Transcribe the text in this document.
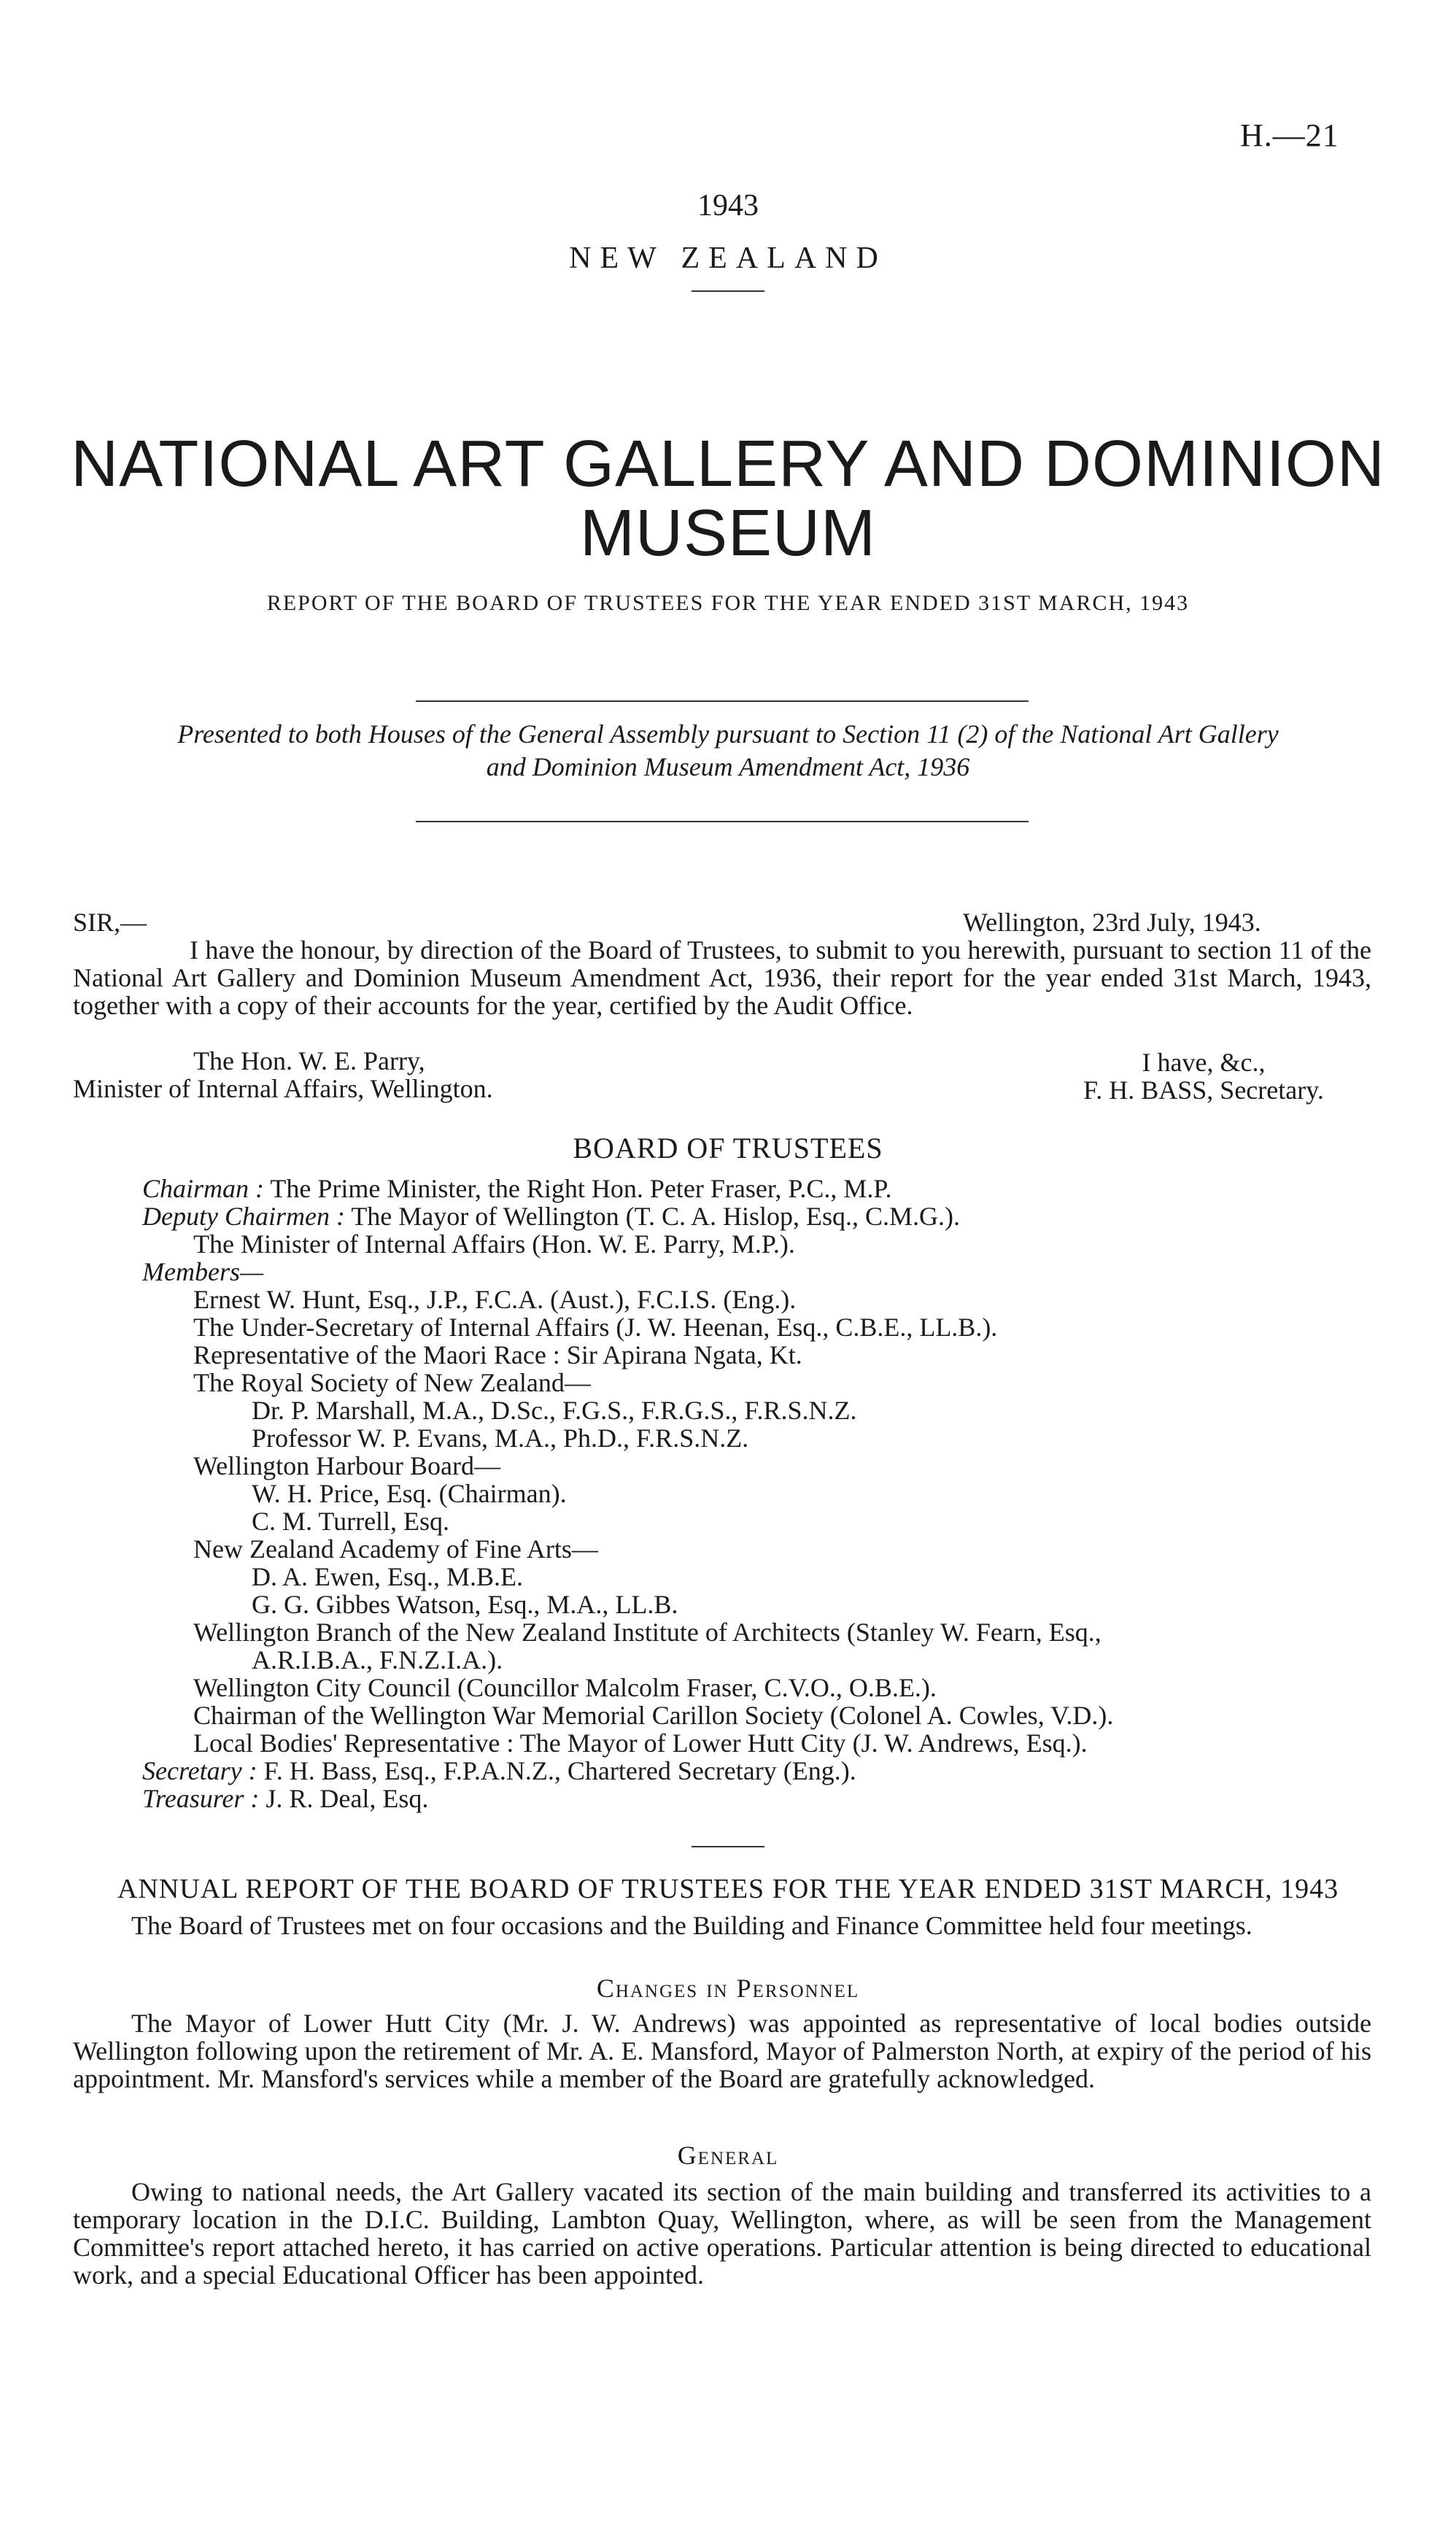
H.—21
1943
NEW ZEALAND
NATIONAL ART GALLERY AND DOMINION
MUSEUM
REPORT OF THE BOARD OF TRUSTEES FOR THE YEAR ENDED 31ST MARCH, 1943
Presented to both Houses of the General Assembly pursuant to Section 11 (2) of the National Art Gallery
and Dominion Museum Amendment Act, 1936
SIR,—	Wellington, 23rd July, 1943.
I have the honour, by direction of the Board of Trustees, to submit to you herewith, pursuant to section 11 of the National Art Gallery and Dominion Museum Amendment Act, 1936, their report for the year ended 31st March, 1943, together with a copy of their accounts for the year, certified by the Audit Office.
The Hon. W. E. Parry,
Minister of Internal Affairs, Wellington.
I have, &c.,
F. H. BASS, Secretary.
BOARD OF TRUSTEES
Chairman : The Prime Minister, the Right Hon. Peter Fraser, P.C., M.P.
Deputy Chairmen : The Mayor of Wellington (T. C. A. Hislop, Esq., C.M.G.).
The Minister of Internal Affairs (Hon. W. E. Parry, M.P.).
Members—
Ernest W. Hunt, Esq., J.P., F.C.A. (Aust.), F.C.I.S. (Eng.).
The Under-Secretary of Internal Affairs (J. W. Heenan, Esq., C.B.E., LL.B.).
Representative of the Maori Race : Sir Apirana Ngata, Kt.
The Royal Society of New Zealand—
Dr. P. Marshall, M.A., D.Sc., F.G.S., F.R.G.S., F.R.S.N.Z.
Professor W. P. Evans, M.A., Ph.D., F.R.S.N.Z.
Wellington Harbour Board—
W. H. Price, Esq. (Chairman).
C. M. Turrell, Esq.
New Zealand Academy of Fine Arts—
D. A. Ewen, Esq., M.B.E.
G. G. Gibbes Watson, Esq., M.A., LL.B.
Wellington Branch of the New Zealand Institute of Architects (Stanley W. Fearn, Esq.,
A.R.I.B.A., F.N.Z.I.A.).
Wellington City Council (Councillor Malcolm Fraser, C.V.O., O.B.E.).
Chairman of the Wellington War Memorial Carillon Society (Colonel A. Cowles, V.D.).
Local Bodies' Representative : The Mayor of Lower Hutt City (J. W. Andrews, Esq.).
Secretary : F. H. Bass, Esq., F.P.A.N.Z., Chartered Secretary (Eng.).
Treasurer : J. R. Deal, Esq.
ANNUAL REPORT OF THE BOARD OF TRUSTEES FOR THE YEAR ENDED 31ST MARCH, 1943
The Board of Trustees met on four occasions and the Building and Finance Committee held four meetings.
Changes in Personnel
The Mayor of Lower Hutt City (Mr. J. W. Andrews) was appointed as representative of local bodies outside Wellington following upon the retirement of Mr. A. E. Mansford, Mayor of Palmerston North, at expiry of the period of his appointment. Mr. Mansford's services while a member of the Board are gratefully acknowledged.
General
Owing to national needs, the Art Gallery vacated its section of the main building and transferred its activities to a temporary location in the D.I.C. Building, Lambton Quay, Wellington, where, as will be seen from the Management Committee's report attached hereto, it has carried on active operations. Particular attention is being directed to educational work, and a special Educational Officer has been appointed.
